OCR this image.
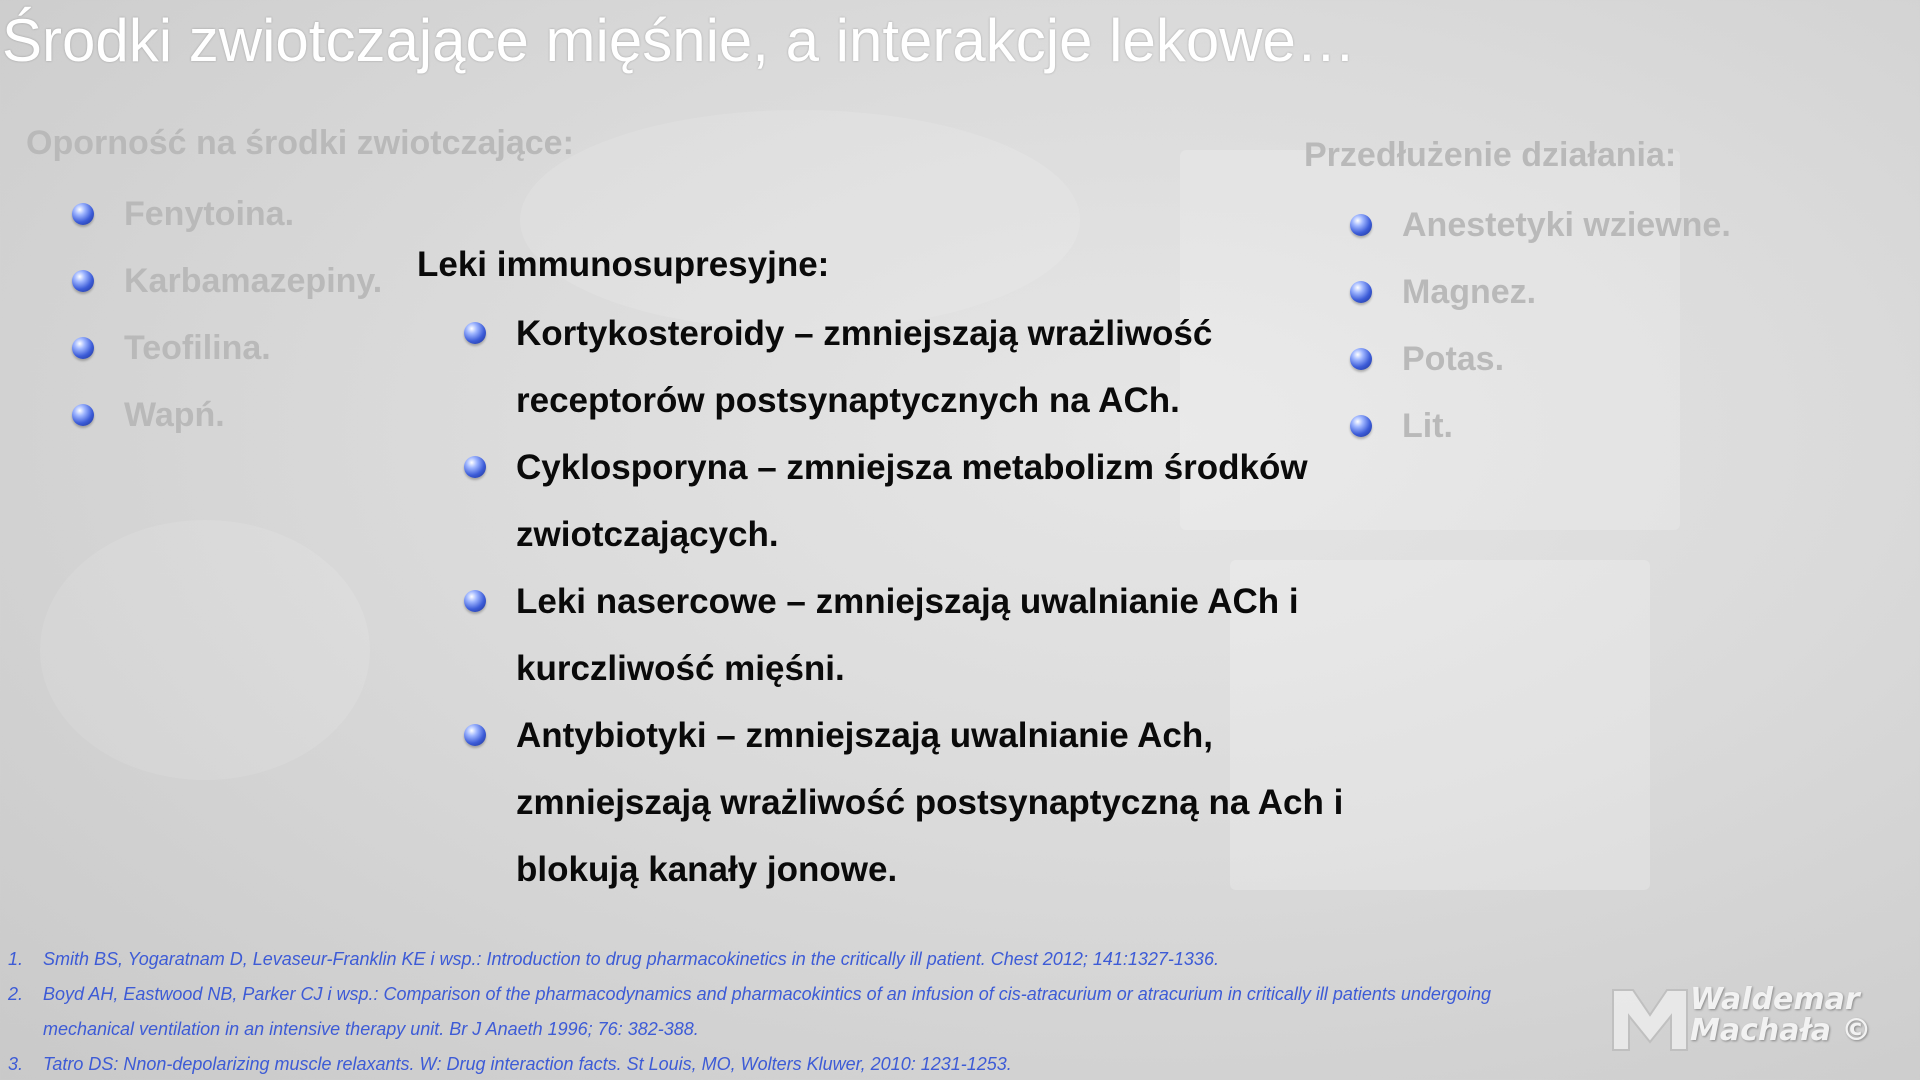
Środki zwiotczające mięśnie, a interakcje lekowe…
Oporność na środki zwiotczające:
Fenytoina.
Karbamazepiny.
Teofilina.
Wapń.
Leki immunosupresyjne:
Kortykosteroidy – zmniejszają wrażliwość
receptorów postsynaptycznych na ACh.
Cyklosporyna – zmniejsza metabolizm środków
zwiotczających.
Leki nasercowe – zmniejszają uwalnianie ACh i
kurczliwość mięśni.
Antybiotyki – zmniejszają uwalnianie Ach,
zmniejszają wrażliwość postsynaptyczną na Ach i
blokują kanały jonowe.
Przedłużenie działania:
Anestetyki wziewne.
Magnez.
Potas.
Lit.
1. Smith BS, Yogaratnam D, Levaseur-Franklin KE i wsp.: Introduction to drug pharmacokinetics in the critically ill patient. Chest 2012; 141:1327-1336.
2. Boyd AH, Eastwood NB, Parker CJ i wsp.: Comparison of the pharmacodynamics and pharmacokintics of an infusion of cis-atracurium or atracurium in critically ill patients undergoing
mechanical ventilation in an intensive therapy unit. Br J Anaeth 1996; 76: 382-388.
3. Tatro DS: Nnon-depolarizing muscle relaxants. W: Drug interaction facts. St Louis, MO, Wolters Kluwer, 2010: 1231-1253.
Waldemar
Machała ©
